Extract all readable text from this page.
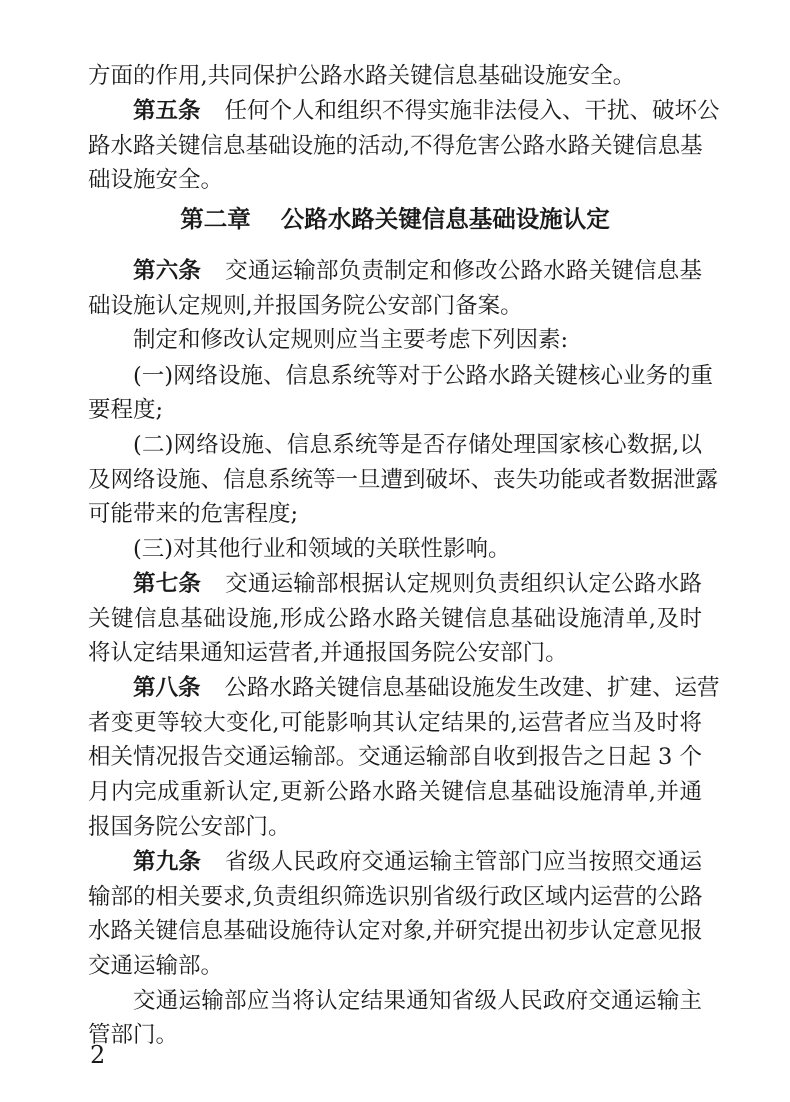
方面的作用,共同保护公路水路关键信息基础设施安全。
第五条 任何个人和组织不得实施非法侵入、干扰、破坏公
路水路关键信息基础设施的活动,不得危害公路水路关键信息基
础设施安全。
第二章 公路水路关键信息基础设施认定
第六条 交通运输部负责制定和修改公路水路关键信息基
础设施认定规则,并报国务院公安部门备案。
制定和修改认定规则应当主要考虑下列因素:
(一)网络设施、信息系统等对于公路水路关键核心业务的重
要程度;
(二)网络设施、信息系统等是否存储处理国家核心数据,以
及网络设施、信息系统等一旦遭到破坏、丧失功能或者数据泄露
可能带来的危害程度;
(三)对其他行业和领域的关联性影响。
第七条 交通运输部根据认定规则负责组织认定公路水路
关键信息基础设施,形成公路水路关键信息基础设施清单,及时
将认定结果通知运营者,并通报国务院公安部门。
第八条 公路水路关键信息基础设施发生改建、扩建、运营
者变更等较大变化,可能影响其认定结果的,运营者应当及时将
相关情况报告交通运输部。交通运输部自收到报告之日起 3 个
月内完成重新认定,更新公路水路关键信息基础设施清单,并通
报国务院公安部门。
第九条 省级人民政府交通运输主管部门应当按照交通运
输部的相关要求,负责组织筛选识别省级行政区域内运营的公路
水路关键信息基础设施待认定对象,并研究提出初步认定意见报
交通运输部。
交通运输部应当将认定结果通知省级人民政府交通运输主
管部门。
2
